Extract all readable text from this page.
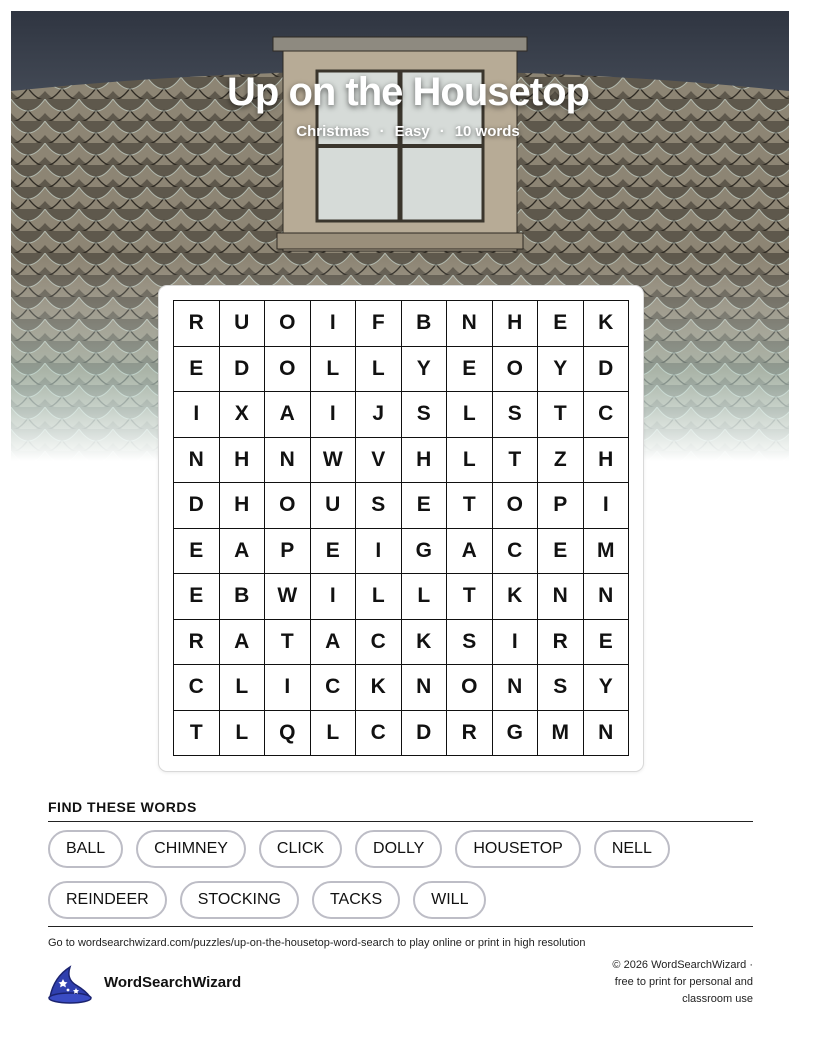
Up on the Housetop
Christmas · Easy · 10 words
R	U	O	I	F	B	N	H	E	K
E	D	O	L	L	Y	E	O	Y	D
I	X	A	I	J	S	L	S	T	C
N	H	N	W	V	H	L	T	Z	H
D	H	O	U	S	E	T	O	P	I
E	A	P	E	I	G	A	C	E	M
E	B	W	I	L	L	T	K	N	N
R	A	T	A	C	K	S	I	R	E
C	L	I	C	K	N	O	N	S	Y
T	L	Q	L	C	D	R	G	M	N
FIND THESE WORDS
BALL	CHIMNEY	CLICK	DOLLY	HOUSETOP	NELL
REINDEER	STOCKING	TACKS	WILL
Go to wordsearchwizard.com/puzzles/up-on-the-housetop-word-search to play online or print in high resolution
WordSearchWizard
© 2026 WordSearchWizard ·
free to print for personal and
classroom use
